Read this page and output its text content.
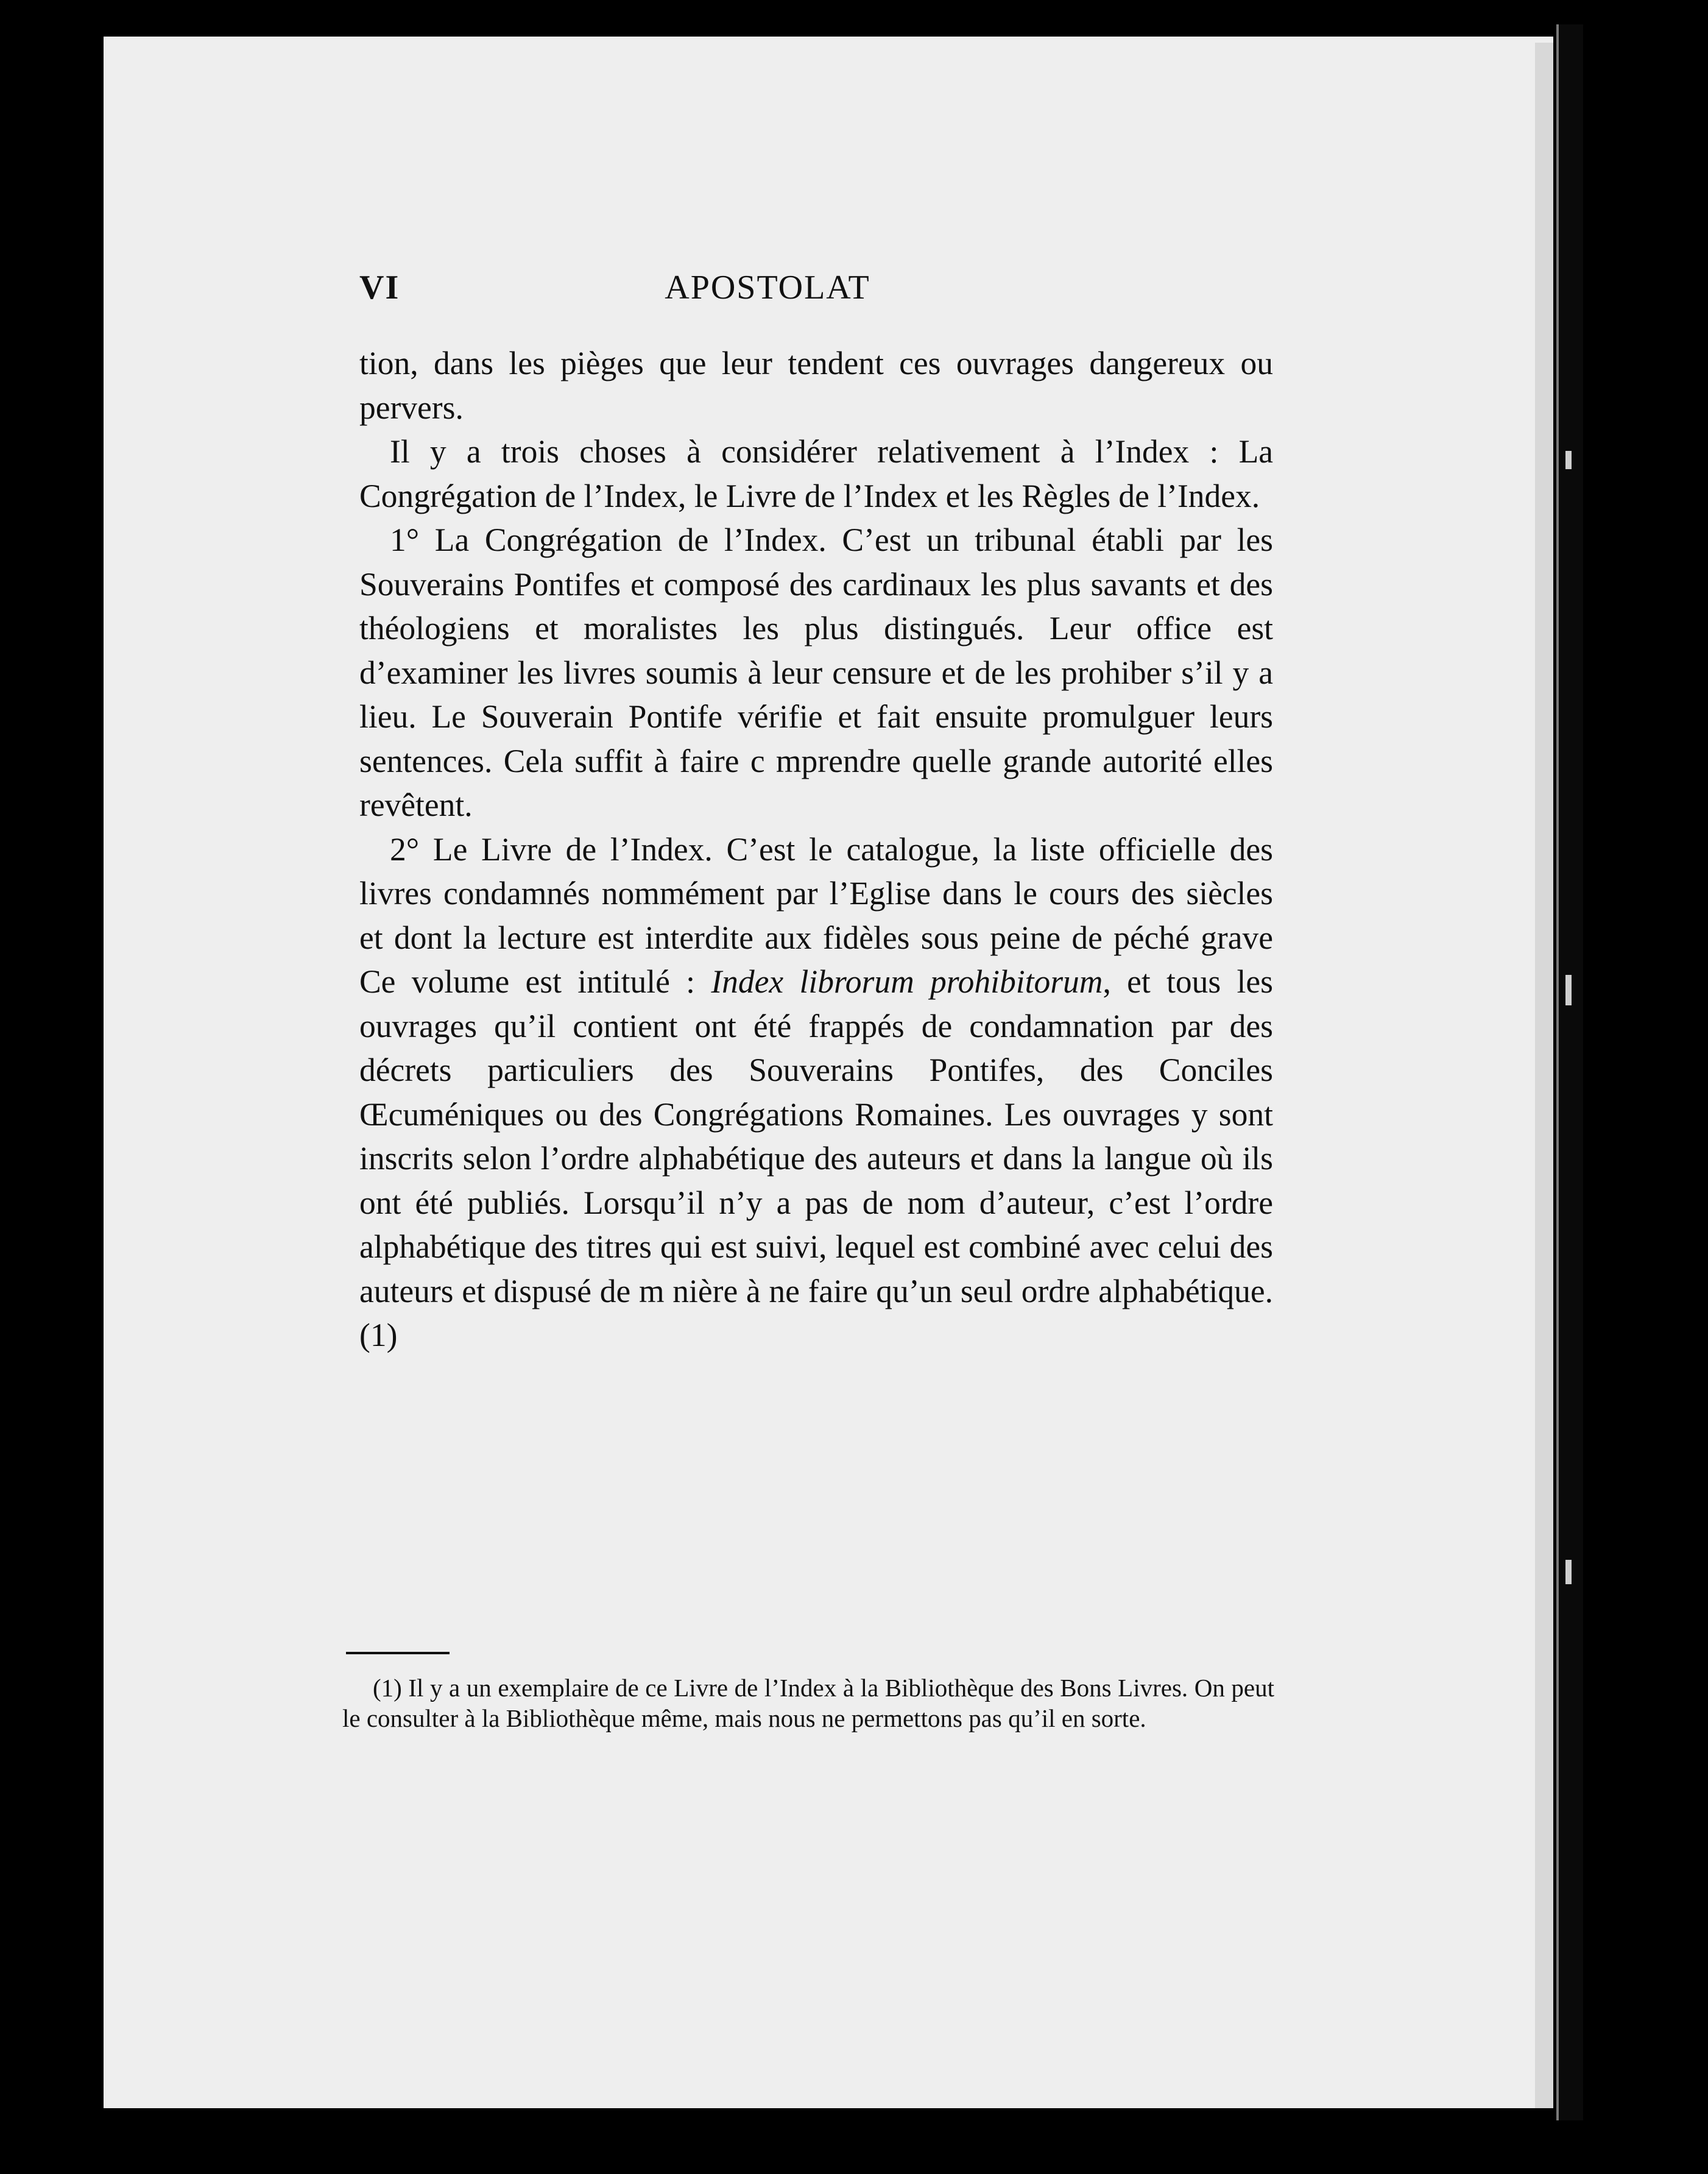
VI	APOSTOLAT

tion, dans les pièges que leur tendent ces ouvrages dangereux ou pervers.

Il y a trois choses à considérer relativement à l’Index : La Congrégation de l’Index, le Livre de l’Index et les Règles de l’Index.

1° La Congrégation de l’Index. C’est un tribunal établi par les Souverains Pontifes et composé des cardinaux les plus savants et des théologiens et moralistes les plus distingués. Leur office est d’examiner les livres soumis à leur censure et de les prohiber s’il y a lieu. Le Souverain Pontife vérifie et fait ensuite promulguer leurs sentences. Cela suffit à faire c mprendre quelle grande autorité elles revêtent.

2° Le Livre de l’Index. C’est le catalogue, la liste officielle des livres condamnés nommément par l’Eglise dans le cours des siècles et dont la lecture est interdite aux fidèles sous peine de péché grave Ce volume est intitulé : Index librorum prohibitorum, et tous les ouvrages qu’il contient ont été frappés de condamnation par des décrets particuliers des Souverains Pontifes, des Conciles Œcuméniques ou des Congrégations Romaines. Les ouvrages y sont inscrits selon l’ordre alphabétique des auteurs et dans la langue où ils ont été publiés. Lorsqu’il n’y a pas de nom d’auteur, c’est l’ordre alphabétique des titres qui est suivi, lequel est combiné avec celui des auteurs et dispusé de m nière à ne faire qu’un seul ordre alphabétique. (1)

(1) Il y a un exemplaire de ce Livre de l’Index à la Bibliothèque des Bons Livres. On peut le consulter à la Bibliothèque même, mais nous ne permettons pas qu’il en sorte.
